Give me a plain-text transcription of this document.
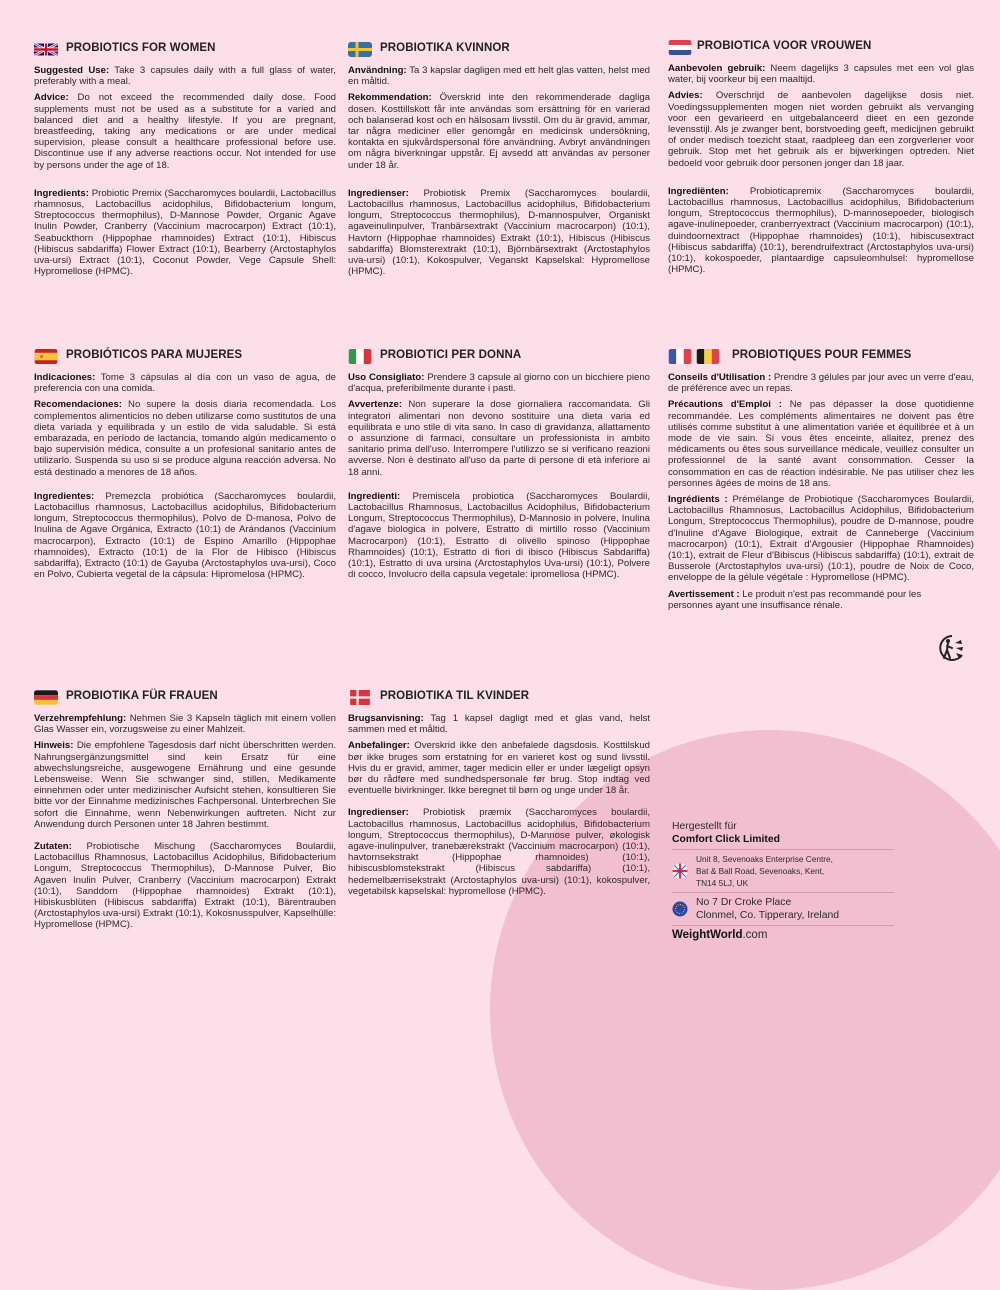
PROBIOTICS FOR WOMEN

Suggested Use: Take 3 capsules daily with a full glass of water, preferably with a meal.

Advice: Do not exceed the recommended daily dose. Food supplements must not be used as a substitute for a varied and balanced diet and a healthy lifestyle. If you are pregnant, breastfeeding, taking any medications or are under medical supervision, please consult a healthcare professional before use. Discontinue use if any adverse reactions occur. Not intended for use by persons under the age of 18.

Ingredients: Probiotic Premix (Saccharomyces boulardii, Lactobacillus rhamnosus, Lactobacillus acidophilus, Bifidobacterium longum, Streptococcus thermophilus), D-Mannose Powder, Organic Agave Inulin Powder, Cranberry (Vaccinium macrocarpon) Extract (10:1), Seabuckthorn (Hippophae rhamnoides) Extract (10:1), Hibiscus (Hibiscus sabdariffa) Flower Extract (10:1), Bearberry (Arctostaphylos uva-ursi) Extract (10:1), Coconut Powder, Vege Capsule Shell: Hypromellose (HPMC).

PROBIOTIKA KVINNOR

Användning: Ta 3 kapslar dagligen med ett helt glas vatten, helst med en måltid.

Rekommendation: Överskrid inte den rekommenderade dagliga dosen. Kosttillskott får inte användas som ersättning för en varierad och balanserad kost och en hälsosam livsstil. Om du är gravid, ammar, tar några mediciner eller genomgår en medicinsk undersökning, kontakta en sjukvårdspersonal före användning. Avbryt användningen om några biverkningar uppstår. Ej avsedd att användas av personer under 18 år.

Ingredienser: Probiotisk Premix (Saccharomyces boulardii, Lactobacillus rhamnosus, Lactobacillus acidophilus, Bifidobacterium longum, Streptococcus thermophilus), D-mannospulver, Organiskt agaveinulinpulver, Tranbärsextrakt (Vaccinium macrocarpon) (10:1), Havtorn (Hippophae rhamnoides) Extrakt (10:1), Hibiscus (Hibiscus sabdariffa) Blomsterextrakt (10:1), Björnbärsextrakt (Arctostaphylos uva-ursi) (10:1), Kokospulver, Veganskt Kapselskal: Hypromellose (HPMC).

PROBIOTICA VOOR VROUWEN

Aanbevolen gebruik: Neem dagelijks 3 capsules met een vol glas water, bij voorkeur bij een maaltijd.

Advies: Overschrijd de aanbevolen dagelijkse dosis niet. Voedingssupplementen mogen niet worden gebruikt als vervanging voor een gevarieerd en uitgebalanceerd dieet en een gezonde levensstijl. Als je zwanger bent, borstvoeding geeft, medicijnen gebruikt of onder medisch toezicht staat, raadpleeg dan een zorgverlener voor gebruik. Stop met het gebruik als er bijwerkingen optreden. Niet bedoeld voor gebruik door personen jonger dan 18 jaar.

Ingrediënten: Probioticapremix (Saccharomyces boulardii, Lactobacillus rhamnosus, Lactobacillus acidophilus, Bifidobacterium longum, Streptococcus thermophilus), D-mannosepoeder, biologisch agave-inulinepoeder, cranberryextract (Vaccinium macrocarpon) (10:1), duindoornextract (Hippophae rhamnoides) (10:1), hibiscusextract (Hibiscus sabdariffa) (10:1), berendruifextract (Arctostaphylos uva-ursi) (10:1), kokospoeder, plantaardige capsuleomhulsel: hypromellose (HPMC).

PROBIÓTICOS PARA MUJERES

Indicaciones: Tome 3 cápsulas al día con un vaso de agua, de preferencia con una comida.

Recomendaciones: No supere la dosis diaria recomendada. Los complementos alimenticios no deben utilizarse como sustitutos de una dieta variada y equilibrada y un estilo de vida saludable. Si está embarazada, en período de lactancia, tomando algún medicamento o bajo supervisión médica, consulte a un profesional sanitario antes de utilizarlo. Suspenda su uso si se produce alguna reacción adversa. No está destinado a menores de 18 años.

Ingredientes: Premezcla probiótica (Saccharomyces boulardii, Lactobacillus rhamnosus, Lactobacillus acidophilus, Bifidobacterium longum, Streptococcus thermophilus), Polvo de D-manosa, Polvo de Inulina de Agave Orgánica, Extracto (10:1) de Arándanos (Vaccinium macrocarpon), Extracto (10:1) de Espino Amarillo (Hippophae rhamnoides), Extracto (10:1) de la Flor de Hibisco (Hibiscus sabdariffa), Extracto (10:1) de Gayuba (Arctostaphylos uva-ursi), Coco en Polvo, Cubierta vegetal de la cápsula: Hipromelosa (HPMC).

PROBIOTICI PER DONNA

Uso Consigliato: Prendere 3 capsule al giorno con un bicchiere pieno d'acqua, preferibilmente durante i pasti.

Avvertenze: Non superare la dose giornaliera raccomandata. Gli integratori alimentari non devono sostituire una dieta varia ed equilibrata e uno stile di vita sano. In caso di gravidanza, allattamento o assunzione di farmaci, consultare un professionista in ambito sanitario prima dell'uso. Interrompere l'utilizzo se si verificano reazioni avverse. Non è destinato all'uso da parte di persone di età inferiore ai 18 anni.

Ingredienti: Premiscela probiotica (Saccharomyces Boulardii, Lactobacillus Rhamnosus, Lactobacillus Acidophilus, Bifidobacterium Longum, Streptococcus Thermophilus), D-Mannosio in polvere, Inulina d'agave biologica in polvere, Estratto di mirtillo rosso (Vaccinium Macrocarpon) (10:1), Estratto di olivello spinoso (Hippophae Rhamnoides) (10:1), Estratto di fiori di ibisco (Hibiscus Sabdariffa) (10:1), Estratto di uva ursina (Arctostaphylos Uva-ursi) (10:1), Polvere di cocco, Involucro della capsula vegetale: ipromellosa (HPMC).

PROBIOTIQUES POUR FEMMES

Conseils d'Utilisation : Prendre 3 gélules par jour avec un verre d'eau, de préférence avec un repas.

Précautions d'Emploi : Ne pas dépasser la dose quotidienne recommandée. Les compléments alimentaires ne doivent pas être utilisés comme substitut à une alimentation variée et équilibrée et à un mode de vie sain. Si vous êtes enceinte, allaitez, prenez des médicaments ou êtes sous surveillance médicale, veuillez consulter un professionnel de la santé avant consommation. Cesser la consommation en cas de réaction indésirable. Ne pas utiliser chez les personnes âgées de moins de 18 ans.

Ingrédients : Prémélange de Probiotique (Saccharomyces Boulardii, Lactobacillus Rhamnosus, Lactobacillus Acidophilus, Bifidobacterium Longum, Streptococcus Thermophilus), poudre de D-mannose, poudre d'Inuline d'Agave Biologique, extrait de Canneberge (Vaccinium macrocarpon) (10:1), Extrait d'Argousier (Hippophae Rhamnoides) (10:1), extrait de Fleur d'Bibiscus (Hibiscus sabdariffa) (10:1), extrait de Busserole (Arctostaphylos uva-ursi) (10:1), poudre de Noix de Coco, enveloppe de la gélule végétale : Hypromellose (HPMC).

Avertissement : Le produit n'est pas recommandé pour les personnes ayant une insuffisance rénale.

PROBIOTIKA FÜR FRAUEN

Verzehrempfehlung: Nehmen Sie 3 Kapseln täglich mit einem vollen Glas Wasser ein, vorzugsweise zu einer Mahlzeit.

Hinweis: Die empfohlene Tagesdosis darf nicht überschritten werden. Nahrungsergänzungsmittel sind kein Ersatz für eine abwechslungsreiche, ausgewogene Ernährung und eine gesunde Lebensweise. Wenn Sie schwanger sind, stillen, Medikamente einnehmen oder unter medizinischer Aufsicht stehen, konsultieren Sie bitte vor der Einnahme medizinisches Fachpersonal. Unterbrechen Sie sofort die Einnahme, wenn Nebenwirkungen auftreten. Nicht zur Anwendung durch Personen unter 18 Jahren bestimmt.

Zutaten: Probiotische Mischung (Saccharomyces Boulardii, Lactobacillus Rhamnosus, Lactobacillus Acidophilus, Bifidobacterium Longum, Streptococcus Thermophilus), D-Mannose Pulver, Bio Agaven Inulin Pulver, Cranberry (Vaccinium macrocarpon) Extrakt (10:1), Sanddorn (Hippophae rhamnoides) Extrakt (10:1), Hibiskusblüten (Hibiscus sabdariffa) Extrakt (10:1), Bärentrauben (Arctostaphylos uva-ursi) Extrakt (10:1), Kokosnusspulver, Kapselhülle: Hypromellose (HPMC).

PROBIOTIKA TIL KVINDER

Brugsanvisning: Tag 1 kapsel dagligt med et glas vand, helst sammen med et måltid.

Anbefalinger: Overskrid ikke den anbefalede dagsdosis. Kosttilskud bør ikke bruges som erstatning for en varieret kost og sund livsstil. Hvis du er gravid, ammer, tager medicin eller er under lægeligt opsyn bør du rådføre med sundhedspersonale før brug. Stop indtag ved eventuelle bivirkninger. Ikke beregnet til børn og unge under 18 år.

Ingredienser: Probiotisk præmix (Saccharomyces boulardii, Lactobacillus rhamnosus, Lactobacillus acidophilus, Bifidobacterium longum, Streptococcus thermophilus), D-Mannose pulver, økologisk agave-inulinpulver, tranebærekstrakt (Vaccinium macrocarpon) (10:1), havtornsekstrakt (Hippophae rhamnoides) (10:1), hibiscusblomstekstrakt (Hibiscus sabdariffa) (10:1), hedemelbærrisekstrakt (Arctostaphylos uva-ursi) (10:1), kokospulver, vegetabilsk kapselskal: hypromellose (HPMC).

Hergestellt für
Comfort Click Limited
Unit 8, Sevenoaks Enterprise Centre,
Bat & Ball Road, Sevenoaks, Kent,
TN14 5LJ, UK
No 7 Dr Croke Place
Clonmel, Co. Tipperary, Ireland
WeightWorld.com
